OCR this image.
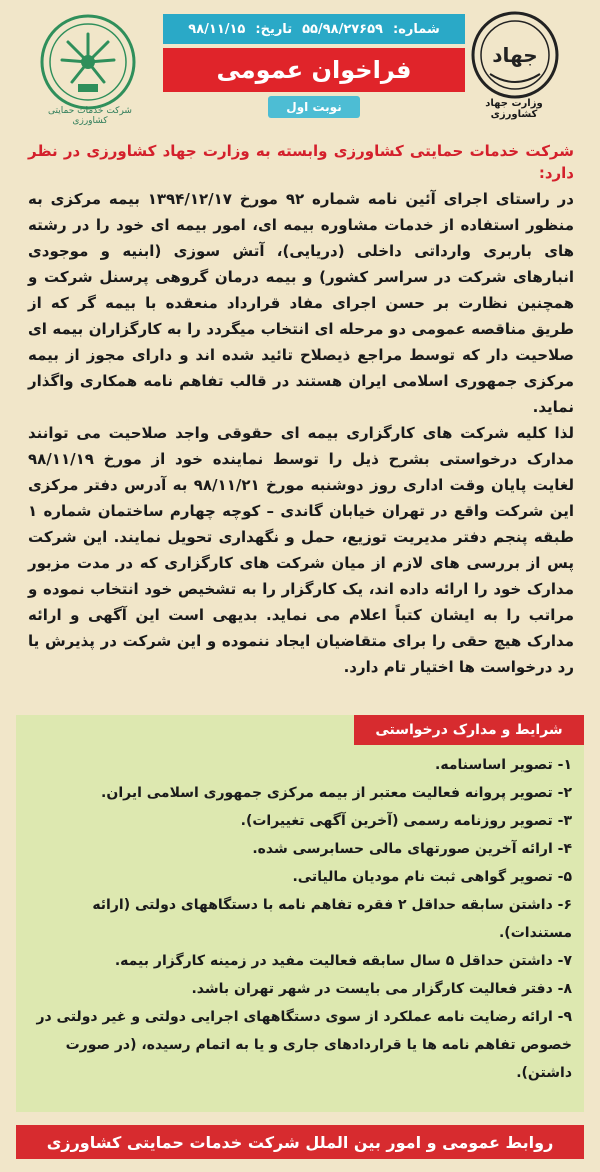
شرکت خدمات حمایتی کشاورزی
شماره:
۵۵/۹۸/۲۷۶۵۹
تاریخ:
۹۸/۱۱/۱۵
فراخوان عمومی
نوبت اول
جهاد
وزارت جهاد کشاورزی

شرکت خدمات حمایتی کشاورزی وابسته به وزارت جهاد کشاورزی در نظر دارد:

در راستای اجرای آئین نامه شماره ۹۲ مورخ ۱۳۹۴/۱۲/۱۷ بیمه مرکزی به منظور استفاده از خدمات مشاوره بیمه ای، امور بیمه ای خود را در رشته های باربری وارداتی داخلی (دریایی)، آتش سوزی (ابنیه و موجودی انبارهای شرکت در سراسر کشور) و بیمه درمان گروهی پرسنل شرکت و همچنین نظارت بر حسن اجرای مفاد قرارداد منعقده با بیمه گر که از طریق مناقصه عمومی دو مرحله ای انتخاب میگردد را به کارگزاران بیمه ای صلاحیت دار که توسط مراجع ذیصلاح تائید شده اند و دارای مجوز از بیمه مرکزی جمهوری اسلامی ایران هستند در قالب تفاهم نامه همکاری واگذار نماید.

لذا کلیه شرکت های کارگزاری بیمه ای حقوقی واجد صلاحیت می توانند مدارک درخواستی بشرح ذیل را توسط نماینده خود از مورخ ۹۸/۱۱/۱۹ لغایت پایان وقت اداری روز دوشنبه مورخ ۹۸/۱۱/۲۱ به آدرس دفتر مرکزی این شرکت واقع در تهران خیابان گاندی – کوچه چهارم ساختمان شماره ۱ طبقه پنجم دفتر مدیریت توزیع، حمل و نگهداری تحویل نمایند. این شرکت پس از بررسی های لازم از میان شرکت های کارگزاری که در مدت مزبور مدارک خود را ارائه داده اند، یک کارگزار را به تشخیص خود انتخاب نموده و مراتب را به ایشان کتباً اعلام می نماید. بدیهی است این آگهی و ارائه مدارک هیچ حقی را برای متقاضیان ایجاد ننموده و این شرکت در پذیرش یا رد درخواست ها اختیار تام دارد.

شرایط و مدارک درخواستی
۱- تصویر اساسنامه.
۲- تصویر پروانه فعالیت معتبر از بیمه مرکزی جمهوری اسلامی ایران.
۳- تصویر روزنامه رسمی (آخرین آگهی تغییرات).
۴- ارائه آخرین صورتهای مالی حسابرسی شده.
۵- تصویر گواهی ثبت نام مودیان مالیاتی.
۶- داشتن سابقه حداقل ۲ فقره تفاهم نامه با دستگاههای دولتی (ارائه مستندات).
۷- داشتن حداقل ۵ سال سابقه فعالیت مفید در زمینه کارگزار بیمه.
۸- دفتر فعالیت کارگزار می بایست در شهر تهران باشد.
۹- ارائه رضایت نامه عملکرد از سوی دستگاههای اجرایی دولتی و غیر دولتی در خصوص تفاهم نامه ها یا قراردادهای جاری و یا به اتمام رسیده، (در صورت داشتن).
روابط عمومی و امور بین الملل شرکت خدمات حمایتی کشاورزی
